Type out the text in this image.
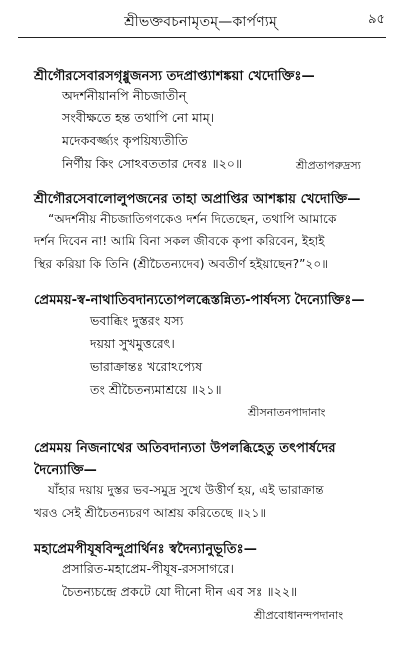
শ্রীভক্তবচনামৃতম্—কার্পণ্যম্	৯৫
শ্রীগৌরসেবারসগৃধ্নুজনস্য তদপ্রাপ্ত্যাশঙ্কয়া খেদোক্তিঃ—
অদর্শনীয়ানপি নীচজাতীন্
সংবীক্ষতে হন্ত তথাপি নো মাম্।
মদেকবর্জ্জ্যং কৃপয়িষ্যতীতি
নির্ণীয় কিং সোঽবততার দেবঃ ॥২০॥	শ্রীপ্রতাপরুদ্রস্য
শ্রীগৌরসেবালোলুপজনের তাহা অপ্রাপ্তির আশঙ্কায় খেদোক্তি—
“অদর্শনীয় নীচজাতিগণকেও দর্শন দিতেছেন, তথাপি আমাকে
দর্শন দিবেন না! আমি বিনা সকল জীবকে কৃপা করিবেন, ইহাই
স্থির করিয়া কি তিনি (শ্রীচৈতন্যদেব) অবতীর্ণ হইয়াছেন?”২০॥
প্রেমময়-স্ব-নাথাতিবদান্যতোপলব্ধেস্তন্নিত্য-পার্ষদস্য দৈন্যোক্তিঃ—
ভবাব্ধিং দুস্তরং যস্য
দয়য়া সুখমুত্তরেৎ।
ভারাক্রান্তঃ খরোঽপ্যেষ
তং শ্রীচৈতন্যমাশ্রয়ে ॥২১॥
শ্রীসনাতনপাদানাং
প্রেমময় নিজনাথের অতিবদান্যতা উপলব্ধিহেতু তৎপার্ষদের
দৈন্যোক্তি—
যাঁহার দয়ায় দুস্তর ভব-সমুদ্র সুখে উত্তীর্ণ হয়, এই ভারাক্রান্ত
খরও সেই শ্রীচৈতন্যচরণ আশ্রয় করিতেছে ॥২১॥
মহাপ্রেমপীযূষবিন্দুপ্রার্থিনঃ স্বদৈন্যানুভূতিঃ—
প্রসারিত-মহাপ্রেম-পীযূষ-রসসাগরে।
চৈতন্যচন্দ্রে প্রকটে যো দীনো দীন এব সঃ ॥২২॥
শ্রীপ্রবোধানন্দপদানাং
